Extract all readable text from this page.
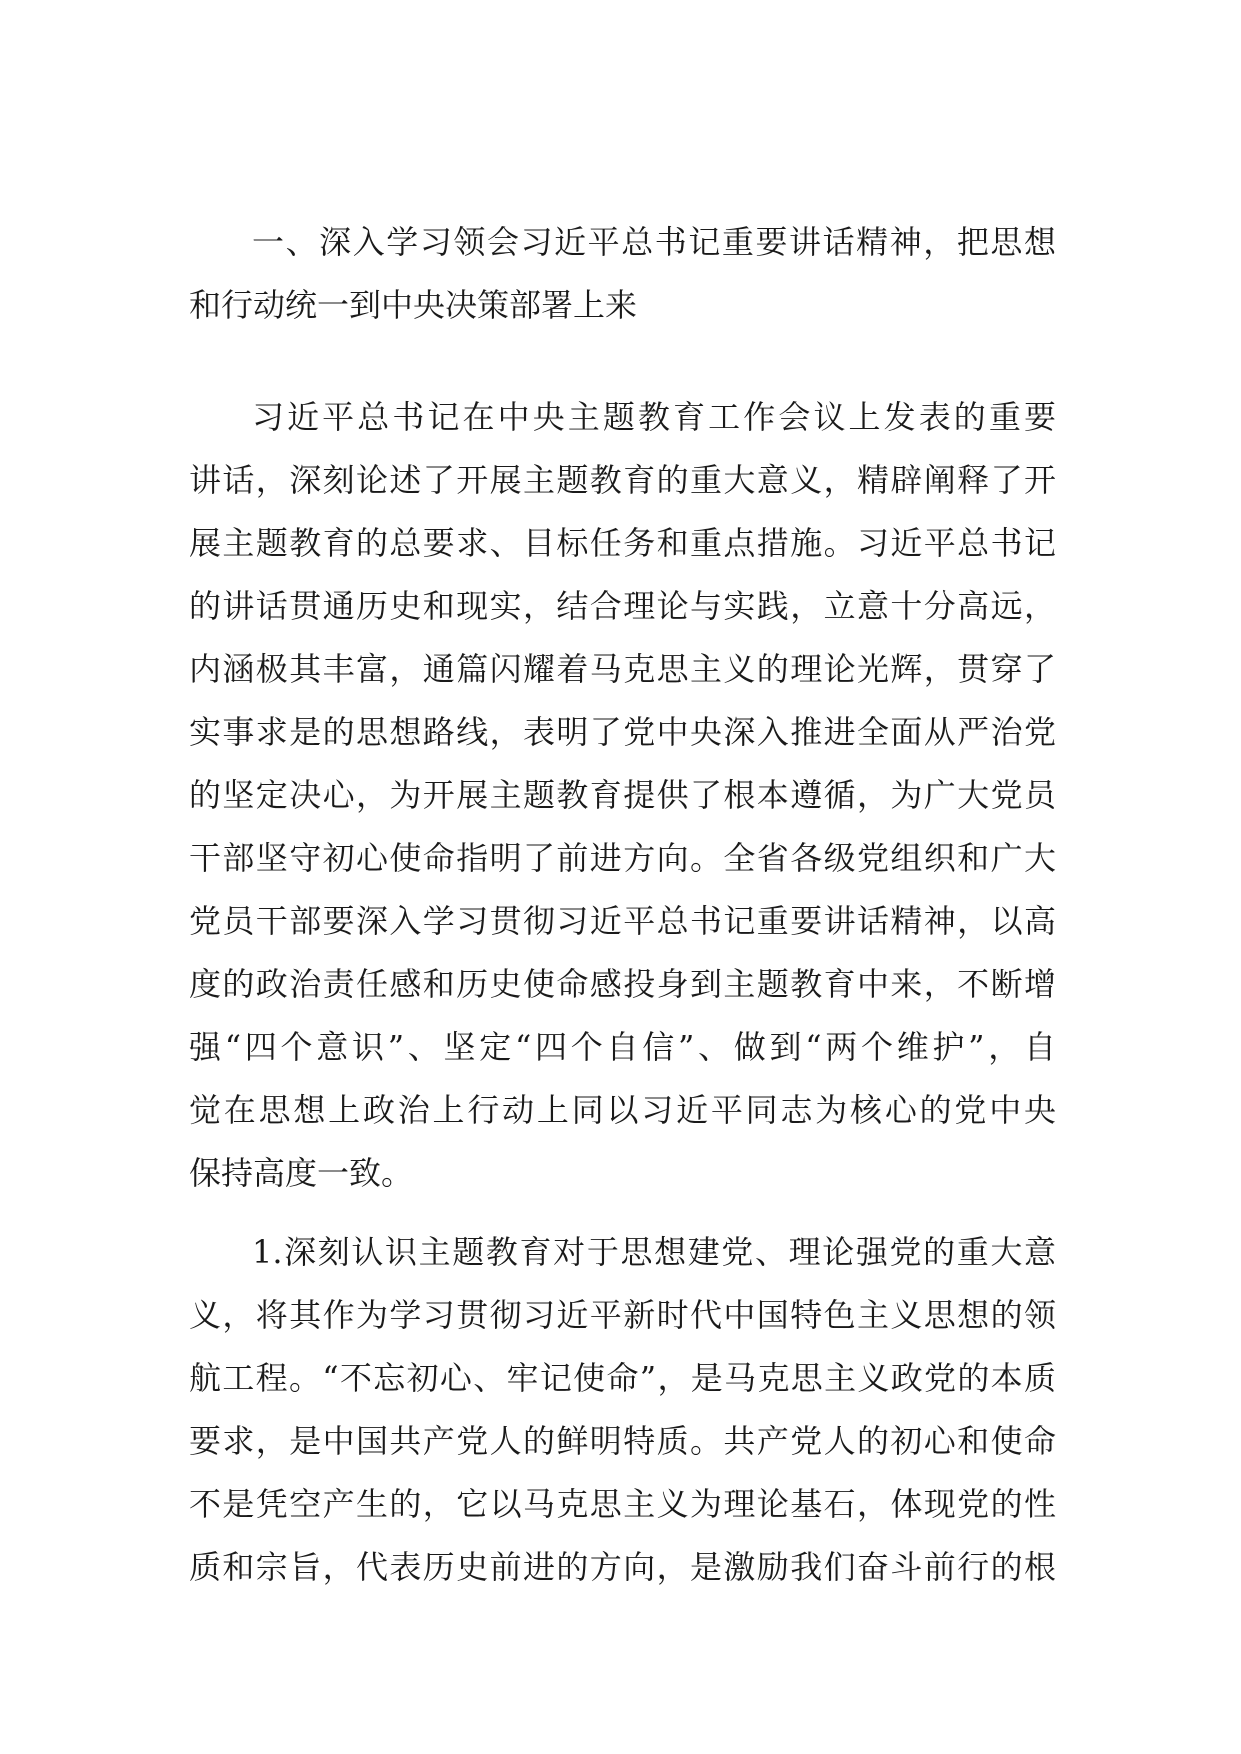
一、深入学习领会习近平总书记重要讲话精神，把思想
和行动统一到中央决策部署上来
习近平总书记在中央主题教育工作会议上发表的重要
讲话，深刻论述了开展主题教育的重大意义，精辟阐释了开
展主题教育的总要求、目标任务和重点措施。习近平总书记
的讲话贯通历史和现实，结合理论与实践，立意十分高远，
内涵极其丰富，通篇闪耀着马克思主义的理论光辉，贯穿了
实事求是的思想路线，表明了党中央深入推进全面从严治党
的坚定决心，为开展主题教育提供了根本遵循，为广大党员
干部坚守初心使命指明了前进方向。全省各级党组织和广大
党员干部要深入学习贯彻习近平总书记重要讲话精神，以高
度的政治责任感和历史使命感投身到主题教育中来，不断增
强“四个意识”、坚定“四个自信”、做到“两个维护”，自
觉在思想上政治上行动上同以习近平同志为核心的党中央
保持高度一致。
1.深刻认识主题教育对于思想建党、理论强党的重大意
义，将其作为学习贯彻习近平新时代中国特色主义思想的领
航工程。“不忘初心、牢记使命”，是马克思主义政党的本质
要求，是中国共产党人的鲜明特质。共产党人的初心和使命
不是凭空产生的，它以马克思主义为理论基石，体现党的性
质和宗旨，代表历史前进的方向，是激励我们奋斗前行的根
